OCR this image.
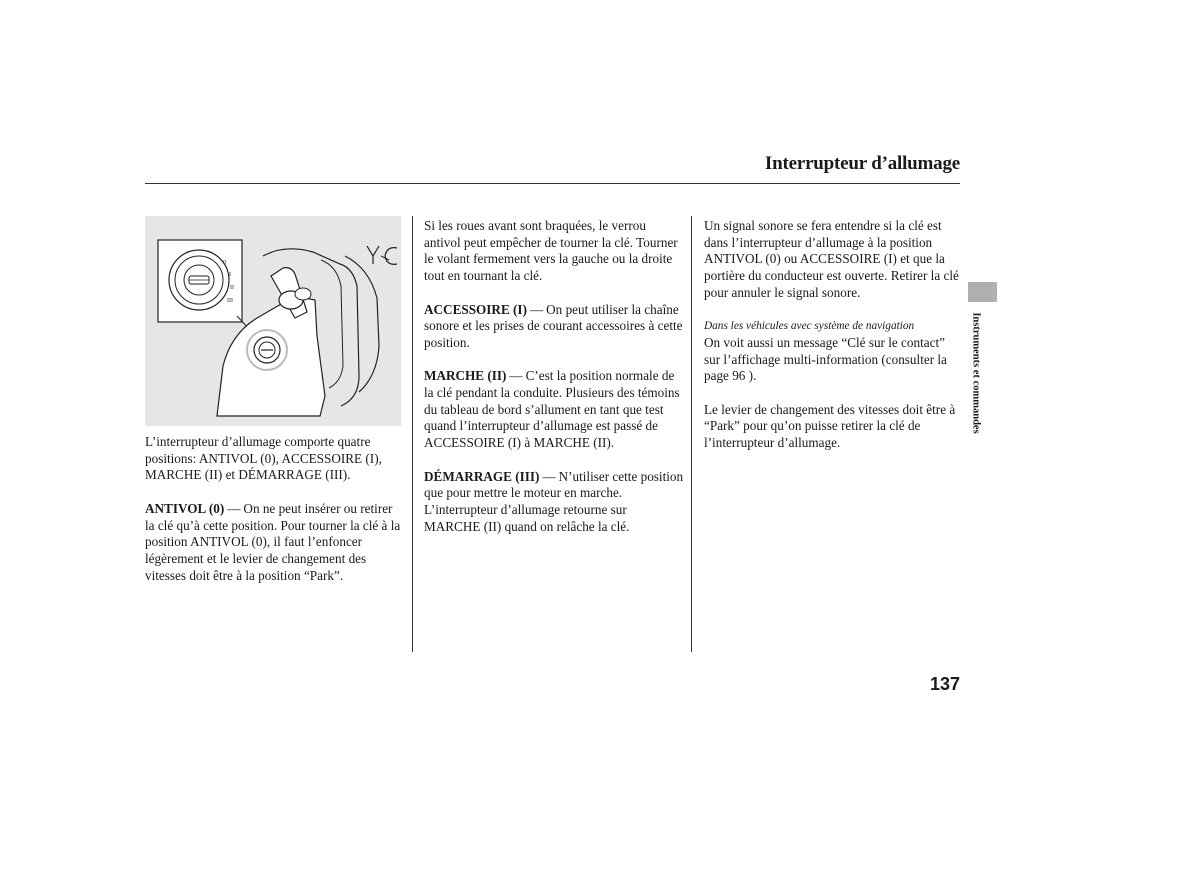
Interrupteur d’allumage
0
I
II
III

L’interrupteur d’allumage comporte quatre positions: ANTIVOL (0), ACCESSOIRE (I), MARCHE (II) et DÉMARRAGE (III).

ANTIVOL (0) — On ne peut insérer ou retirer la clé qu’à cette position. Pour tourner la clé à la position ANTIVOL (0), il faut l’enfoncer légèrement et le levier de changement des vitesses doit être à la position “Park”.

Si les roues avant sont braquées, le verrou antivol peut empêcher de tourner la clé. Tourner le volant fermement vers la gauche ou la droite tout en tournant la clé.

ACCESSOIRE (I) — On peut utiliser la chaîne sonore et les prises de courant accessoires à cette position.

MARCHE (II) — C’est la position normale de la clé pendant la conduite. Plusieurs des témoins du tableau de bord s’allument en tant que test quand l’interrupteur d’allumage est passé de ACCESSOIRE (I) à MARCHE (II).

DÉMARRAGE (III) — N’utiliser cette position que pour mettre le moteur en marche. L’interrupteur d’allumage retourne sur MARCHE (II) quand on relâche la clé.

Un signal sonore se fera entendre si la clé est dans l’interrupteur d’allumage à la position ANTIVOL (0) ou ACCESSOIRE (I) et que la portière du conducteur est ouverte. Retirer la clé pour annuler le signal sonore.

Dans les véhicules avec système de navigation

On voit aussi un message “Clé sur le contact” sur l’affichage multi-information (consulter la page 96 ).

Le levier de changement des vitesses doit être à “Park” pour qu’on puisse retirer la clé de l’interrupteur d’allumage.

Instruments et commandes
137
